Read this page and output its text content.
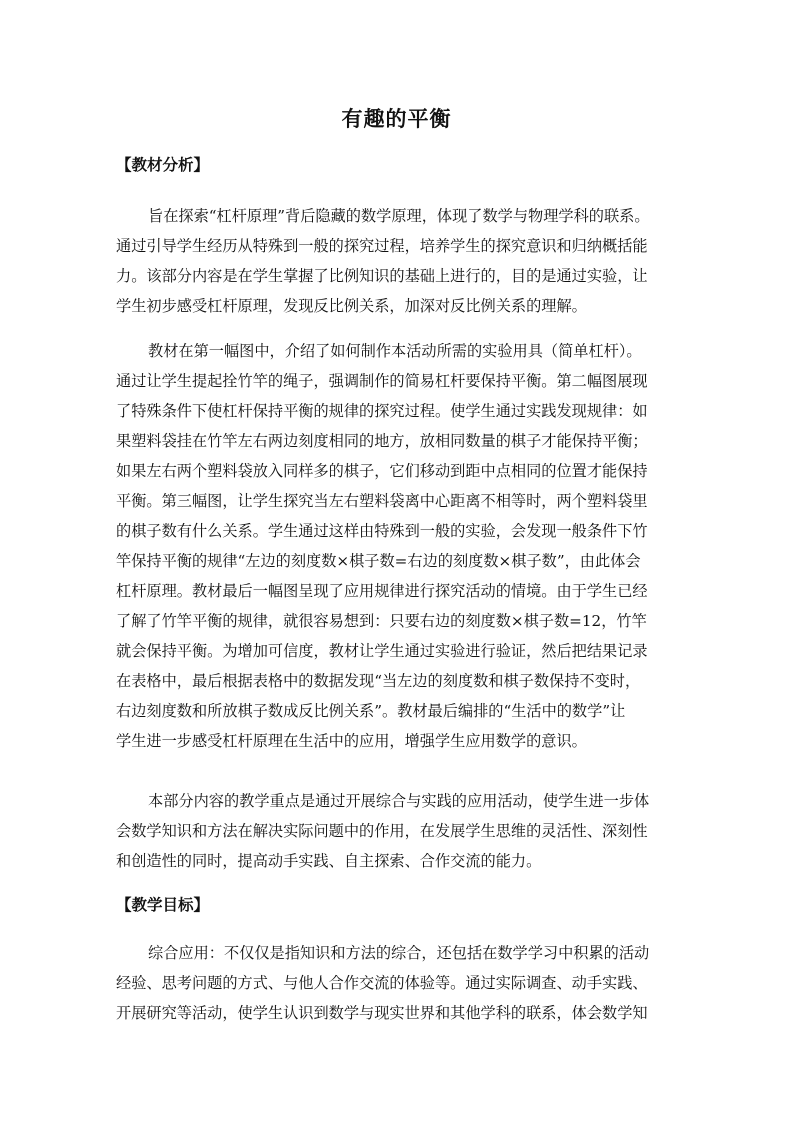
有趣的平衡
【教材分析】
旨在探索“杠杆原理”背后隐藏的数学原理，体现了数学与物理学科的联系。
通过引导学生经历从特殊到一般的探究过程，培养学生的探究意识和归纳概括能
力。该部分内容是在学生掌握了比例知识的基础上进行的，目的是通过实验，让
学生初步感受杠杆原理，发现反比例关系，加深对反比例关系的理解。
教材在第一幅图中，介绍了如何制作本活动所需的实验用具（简单杠杆）。
通过让学生提起拴竹竿的绳子，强调制作的简易杠杆要保持平衡。第二幅图展现
了特殊条件下使杠杆保持平衡的规律的探究过程。使学生通过实践发现规律：如
果塑料袋挂在竹竿左右两边刻度相同的地方，放相同数量的棋子才能保持平衡；
如果左右两个塑料袋放入同样多的棋子，它们移动到距中点相同的位置才能保持
平衡。第三幅图，让学生探究当左右塑料袋离中心距离不相等时，两个塑料袋里
的棋子数有什么关系。学生通过这样由特殊到一般的实验，会发现一般条件下竹
竿保持平衡的规律“左边的刻度数×棋子数=右边的刻度数×棋子数”，由此体会
杠杆原理。教材最后一幅图呈现了应用规律进行探究活动的情境。由于学生已经
了解了竹竿平衡的规律，就很容易想到：只要右边的刻度数×棋子数=12，竹竿
就会保持平衡。为增加可信度，教材让学生通过实验进行验证，然后把结果记录
在表格中，最后根据表格中的数据发现“当左边的刻度数和棋子数保持不变时，
右边刻度数和所放棋子数成反比例关系”。教材最后编排的“生活中的数学”让
学生进一步感受杠杆原理在生活中的应用，增强学生应用数学的意识。
本部分内容的教学重点是通过开展综合与实践的应用活动，使学生进一步体
会数学知识和方法在解决实际问题中的作用，在发展学生思维的灵活性、深刻性
和创造性的同时，提高动手实践、自主探索、合作交流的能力。
【教学目标】
综合应用：不仅仅是指知识和方法的综合，还包括在数学学习中积累的活动
经验、思考问题的方式、与他人合作交流的体验等。通过实际调查、动手实践、
开展研究等活动，使学生认识到数学与现实世界和其他学科的联系，体会数学知
